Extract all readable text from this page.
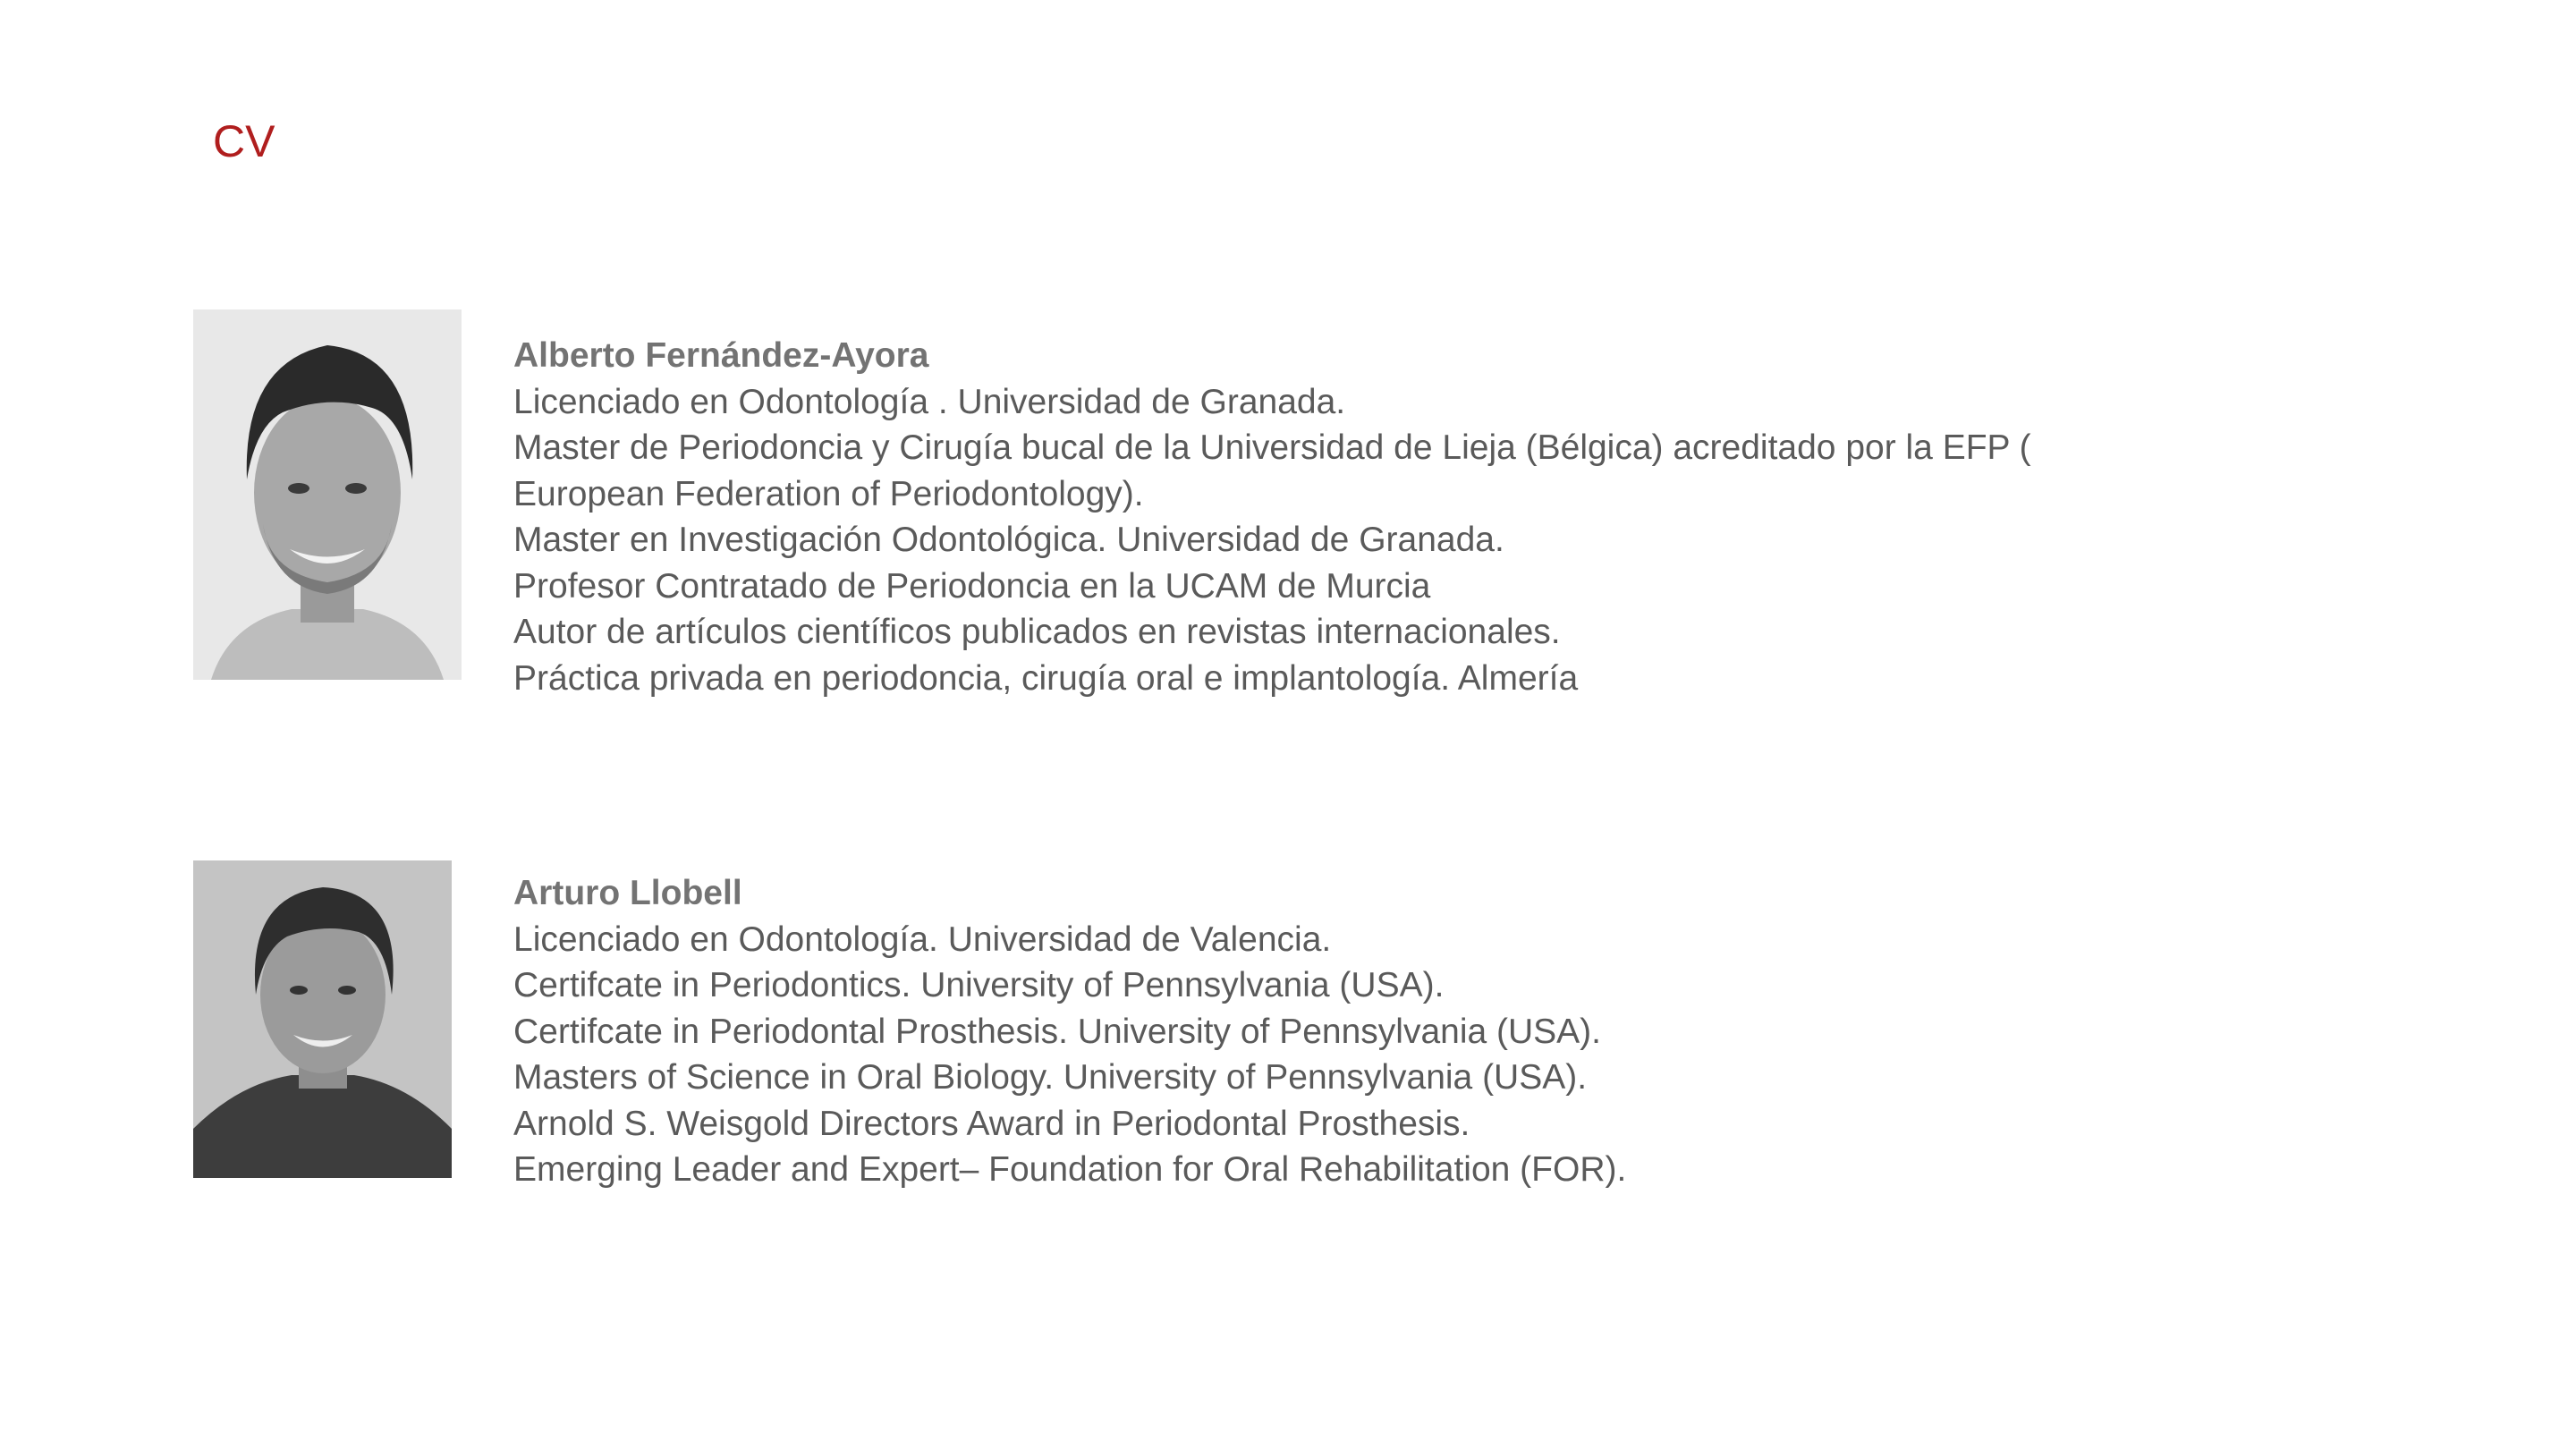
CV
Alberto Fernández-Ayora
Licenciado en Odontología . Universidad de Granada.
Master de Periodoncia y Cirugía bucal de la Universidad de Lieja (Bélgica) acreditado por la EFP (
European Federation of Periodontology).
Master en Investigación Odontológica. Universidad de Granada.
Profesor Contratado de Periodoncia en la UCAM de Murcia
Autor de artículos científicos publicados en revistas internacionales.
Práctica privada en periodoncia, cirugía oral e implantología. Almería
Arturo Llobell
Licenciado en Odontología. Universidad de Valencia.
Certifcate in Periodontics. University of Pennsylvania (USA).
Certifcate in Periodontal Prosthesis. University of Pennsylvania (USA).
Masters of Science in Oral Biology. University of Pennsylvania (USA).
Arnold S. Weisgold Directors Award in Periodontal Prosthesis.
Emerging Leader and Expert– Foundation for Oral Rehabilitation (FOR).
